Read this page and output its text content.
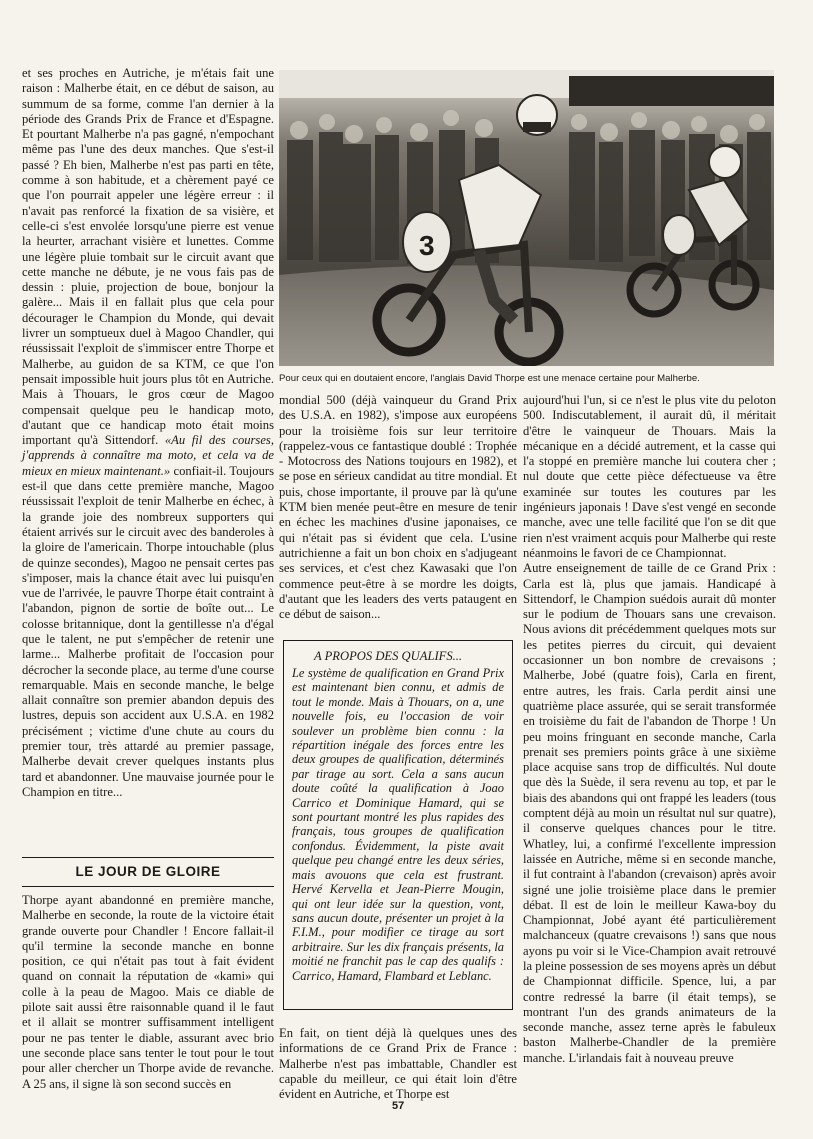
et ses proches en Autriche, je m'étais fait une raison : Malherbe était, en ce début de saison, au summum de sa forme, comme l'an dernier à la période des Grands Prix de France et d'Espagne. Et pourtant Malherbe n'a pas gagné, n'empochant même pas l'une des deux manches. Que s'est-il passé ? Eh bien, Malherbe n'est pas parti en tête, comme à son habitude, et a chèrement payé ce que l'on pourrait appeler une légère erreur : il n'avait pas renforcé la fixation de sa visière, et celle-ci s'est envolée lorsqu'une pierre est venue la heurter, arrachant visière et lunettes. Comme une légère pluie tombait sur le circuit avant que cette manche ne débute, je ne vous fais pas de dessin : pluie, projection de boue, bonjour la galère... Mais il en fallait plus que cela pour décourager le Champion du Monde, qui devait livrer un somptueux duel à Magoo Chandler, qui réussissait l'exploit de s'immiscer entre Thorpe et Malherbe, au guidon de sa KTM, ce que l'on pensait impossible huit jours plus tôt en Autriche. Mais à Thouars, le gros cœur de Magoo compensait quelque peu le handicap moto, d'autant que ce handicap moto était moins important qu'à Sittendorf. «Au fil des courses, j'apprends à connaître ma moto, et cela va de mieux en mieux maintenant.» confiait-il. Toujours est-il que dans cette première manche, Magoo réussissait l'exploit de tenir Malherbe en échec, à la grande joie des nombreux supporters qui étaient arrivés sur le circuit avec des banderoles à la gloire de l'americain. Thorpe intouchable (plus de quinze secondes), Magoo ne pensait certes pas s'imposer, mais la chance était avec lui puisqu'en vue de l'arrivée, le pauvre Thorpe était contraint à l'abandon, pignon de sortie de boîte out... Le colosse britannique, dont la gentillesse n'a d'égal que le talent, ne put s'empêcher de retenir une larme... Malherbe profitait de l'occasion pour décrocher la seconde place, au terme d'une course remarquable. Mais en seconde manche, le belge allait connaître son premier abandon depuis des lustres, depuis son accident aux U.S.A. en 1982 précisément ; victime d'une chute au cours du premier tour, très attardé au premier passage, Malherbe devait crever quelques instants plus tard et abandonner. Une mauvaise journée pour le Champion en titre...

LE JOUR DE GLOIRE

Thorpe ayant abandonné en première manche, Malherbe en seconde, la route de la victoire était grande ouverte pour Chandler ! Encore fallait-il qu'il termine la seconde manche en bonne position, ce qui n'était pas tout à fait évident quand on connait la réputation de «kami» qui colle à la peau de Magoo. Mais ce diable de pilote sait aussi être raisonnable quand il le faut et il allait se montrer suffisamment intelligent pour ne pas tenter le diable, assurant avec brio une seconde place sans tenter le tout pour le tout pour aller chercher un Thorpe avide de revanche. A 25 ans, il signe là son second succès en

3
Pour ceux qui en doutaient encore, l'anglais David Thorpe est une menace certaine pour Malherbe.

mondial 500 (déjà vainqueur du Grand Prix des U.S.A. en 1982), s'impose aux européens pour la troisième fois sur leur territoire (rappelez-vous ce fantastique doublé : Trophée - Motocross des Nations toujours en 1982), et se pose en sérieux candidat au titre mondial. Et puis, chose importante, il prouve par là qu'une KTM bien menée peut-être en mesure de tenir en échec les machines d'usine japonaises, ce qui n'était pas si évident que cela. L'usine autrichienne a fait un bon choix en s'adjugeant ses services, et c'est chez Kawasaki que l'on commence peut-être à se mordre les doigts, d'autant que les leaders des verts pataugent en ce début de saison...

A PROPOS DES QUALIFS...
Le système de qualification en Grand Prix est maintenant bien connu, et admis de tout le monde. Mais à Thouars, on a, une nouvelle fois, eu l'occasion de voir soulever un problème bien connu : la répartition inégale des forces entre les deux groupes de qualification, déterminés par tirage au sort. Cela a sans aucun doute coûté la qualification à Joao Carrico et Dominique Hamard, qui se sont pourtant montré les plus rapides des français, tous groupes de qualification confondus. Évidemment, la piste avait quelque peu changé entre les deux séries, mais avouons que cela est frustrant. Hervé Kervella et Jean-Pierre Mougin, qui ont leur idée sur la question, vont, sans aucun doute, présenter un projet à la F.I.M., pour modifier ce tirage au sort arbitraire. Sur les dix français présents, la moitié ne franchit pas le cap des qualifs : Carrico, Hamard, Flambard et Leblanc.

En fait, on tient déjà là quelques unes des informations de ce Grand Prix de France : Malherbe n'est pas imbattable, Chandler est capable du meilleur, ce qui était loin d'être évident en Autriche, et Thorpe est

aujourd'hui l'un, si ce n'est le plus vite du peloton 500. Indiscutablement, il aurait dû, il méritait d'être le vainqueur de Thouars. Mais la mécanique en a décidé autrement, et la casse qui l'a stoppé en première manche lui coutera cher ; nul doute que cette pièce défectueuse va être examinée sur toutes les coutures par les ingénieurs japonais ! Dave s'est vengé en seconde manche, avec une telle facilité que l'on se dit que rien n'est vraiment acquis pour Malherbe qui reste néanmoins le favori de ce Championnat.

Autre enseignement de taille de ce Grand Prix : Carla est là, plus que jamais. Handicapé à Sittendorf, le Champion suédois aurait dû monter sur le podium de Thouars sans une crevaison. Nous avions dit précédemment quelques mots sur les petites pierres du circuit, qui devaient occasionner un bon nombre de crevaisons ; Malherbe, Jobé (quatre fois), Carla en firent, entre autres, les frais. Carla perdit ainsi une quatrième place assurée, qui se serait transformée en troisième du fait de l'abandon de Thorpe ! Un peu moins fringuant en seconde manche, Carla prenait ses premiers points grâce à une sixième place acquise sans trop de difficultés. Nul doute que dès la Suède, il sera revenu au top, et par le biais des abandons qui ont frappé les leaders (tous comptent déjà au moin un résultat nul sur quatre), il conserve quelques chances pour le titre. Whatley, lui, a confirmé l'excellente impression laissée en Autriche, même si en seconde manche, il fut contraint à l'abandon (crevaison) après avoir signé une jolie troisième place dans le premier débat. Il est de loin le meilleur Kawa-boy du Championnat, Jobé ayant été particulièrement malchanceux (quatre crevaisons !) sans que nous ayons pu voir si le Vice-Champion avait retrouvé la pleine possession de ses moyens après un début de Championnat difficile. Spence, lui, a par contre redressé la barre (il était temps), se montrant l'un des grands animateurs de la seconde manche, assez terne après le fabuleux baston Malherbe-Chandler de la première manche. L'irlandais fait à nouveau preuve

57
